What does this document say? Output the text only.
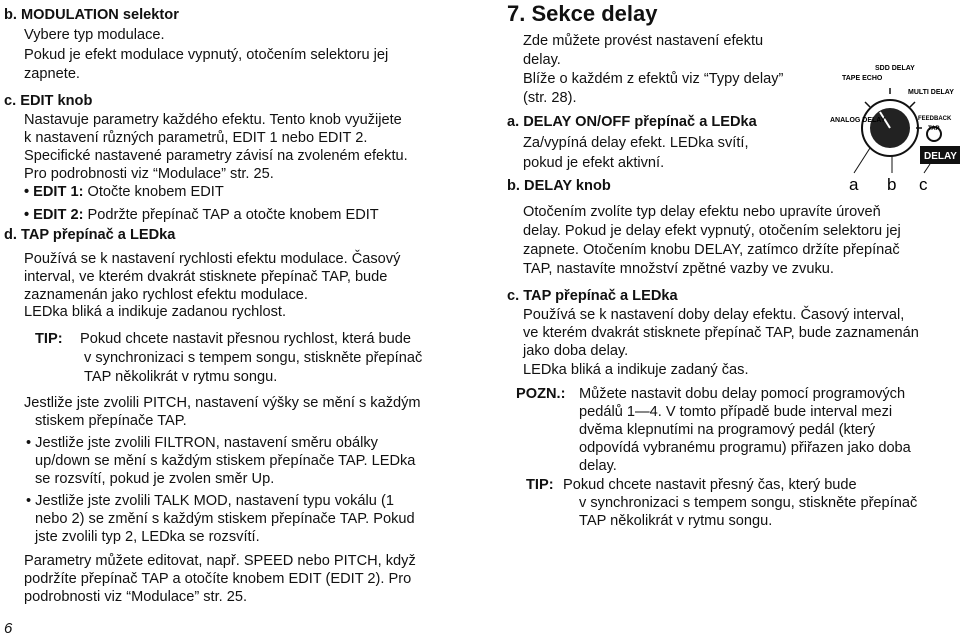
b. MODULATION selektor
Vybere typ modulace.
Pokud je efekt modulace vypnutý, otočením selektoru jej
zapnete.
c. EDIT knob
Nastavuje parametry každého efektu. Tento knob využijete
k nastavení různých parametrů, EDIT 1 nebo EDIT 2.
Specifické nastavené parametry závisí na zvoleném efektu.
Pro podrobnosti viz “Modulace” str. 25.
• EDIT 1: Otočte knobem EDIT
• EDIT 2: Podržte přepínač TAP a otočte knobem EDIT
d. TAP přepínač a LEDka
Používá se k nastavení rychlosti efektu modulace. Časový
interval, ve kterém dvakrát stisknete přepínač TAP, bude
zaznamenán jako rychlost efektu modulace.
LEDka bliká a indikuje zadanou rychlost.
TIP: Pokud chcete nastavit přesnou rychlost, která bude
v synchronizaci s tempem songu, stiskněte přepínač
TAP několikrát v rytmu songu.
Jestliže jste zvolili PITCH, nastavení výšky se mění s každým
stiskem přepínače TAP.
• Jestliže jste zvolili FILTRON, nastavení směru obálky
up/down se mění s každým stiskem přepínače TAP. LEDka
se rozsvítí, pokud je zvolen směr Up.
• Jestliže jste zvolili TALK MOD, nastavení typu vokálu (1
nebo 2) se změní s každým stiskem přepínače TAP. Pokud
jste zvolili typ 2, LEDka se rozsvítí.
Parametry můžete editovat, např. SPEED nebo PITCH, když
podržíte přepínač TAP a otočíte knobem EDIT (EDIT 2). Pro
podrobnosti viz “Modulace” str. 25.
6
7. Sekce delay
Zde můžete provést nastavení efektu
delay.
Blíže o každém z efektů viz “Typy delay”
(str. 28).
a. DELAY ON/OFF přepínač a LEDka
Za/vypíná delay efekt. LEDka svítí,
pokud je efekt aktivní.
b. DELAY knob
Otočením zvolíte typ delay efektu nebo upravíte úroveň
delay. Pokud je delay efekt vypnutý, otočením selektoru jej
zapnete. Otočením knobu DELAY, zatímco držíte přepínač
TAP, nastavíte množství zpětné vazby ve zvuku.
c. TAP přepínač a LEDka
Používá se k nastavení doby delay efektu. Časový interval,
ve kterém dvakrát stisknete přepínač TAP, bude zaznamenán
jako doba delay.
LEDka bliká a indikuje zadaný čas.
POZN.: Můžete nastavit dobu delay pomocí programových
pedálů 1—4. V tomto případě bude interval mezi
dvěma klepnutími na programový pedál (který
odpovídá vybranému programu) přiřazen jako doba
delay.
TIP: Pokud chcete nastavit přesný čas, který bude
v synchronizaci s tempem songu, stiskněte přepínač
TAP několikrát v rytmu songu.
TAPE ECHO
SDD DELAY
MULTI DELAY
ANALOG DELAY	FEEDBACK
TAP
DELAY
a b c
